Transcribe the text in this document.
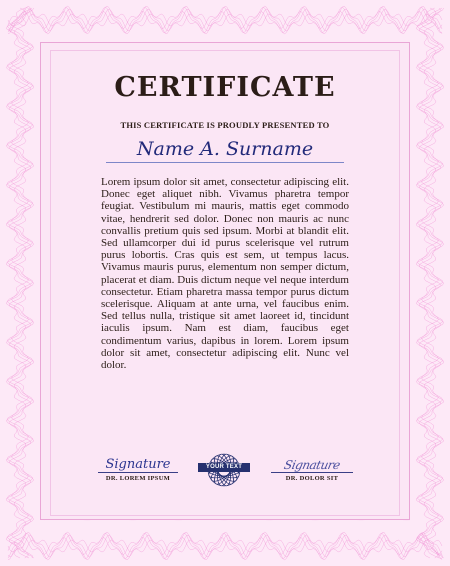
CERTIFICATE
THIS CERTIFICATE IS PROUDLY PRESENTED TO
Name A. Surname
Lorem ipsum dolor sit amet, consectetur adipiscing elit. Donec eget aliquet nibh. Vivamus pharetra tempor feugiat. Vestibulum mi mauris, mattis eget commodo vitae, hendrerit sed dolor. Donec non mauris ac nunc convallis pretium quis sed ipsum. Morbi at blandit elit. Sed ullamcorper dui id purus scelerisque vel rutrum purus lobortis. Cras quis est sem, ut tempus lacus. Vivamus mauris purus, elementum non semper dictum, placerat et diam. Duis dictum neque vel neque interdum consectetur. Etiam pharetra massa tempor purus dictum scelerisque. Aliquam at ante urna, vel faucibus enim. Sed tellus nulla, tristique sit amet laoreet id, tincidunt iaculis ipsum. Nam est diam, faucibus eget condimentum varius, dapibus in lorem. Lorem ipsum dolor sit amet, consectetur adipiscing elit. Nunc vel dolor.
Signature
DR. LOREM IPSUM
YOUR TEXT	Signature
DR. DOLOR SIT
